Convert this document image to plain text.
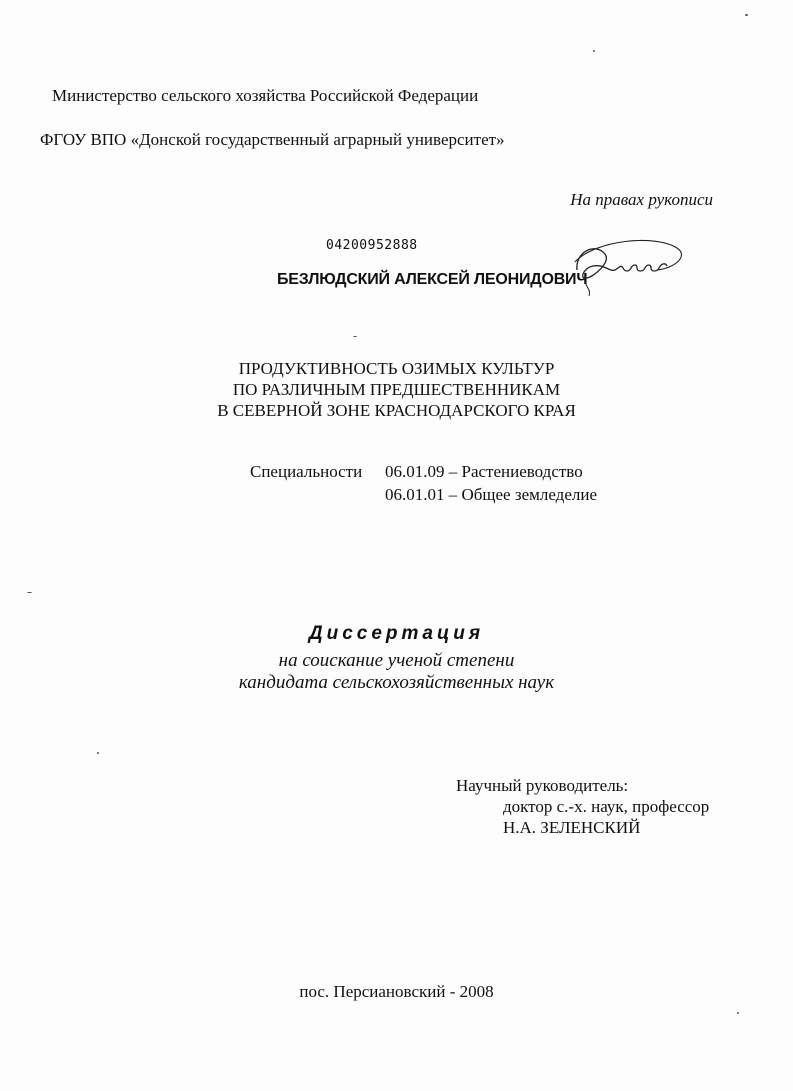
Министерство сельского хозяйства Российской Федерации
ФГОУ ВПО «Донской государственный аграрный университет»
На правах рукописи
04200952888
БЕЗЛЮДСКИЙ АЛЕКСЕЙ ЛЕОНИДОВИЧ
ПРОДУКТИВНОСТЬ ОЗИМЫХ КУЛЬТУР
ПО РАЗЛИЧНЫМ ПРЕДШЕСТВЕННИКАМ
В СЕВЕРНОЙ ЗОНЕ КРАСНОДАРСКОГО КРАЯ
Специальности 06.01.09 – Растениеводство
06.01.01 – Общее земледелие
Диссертация
на соискание ученой степени
кандидата сельскохозяйственных наук
Научный руководитель:
доктор с.-х. наук, профессор
Н.А. ЗЕЛЕНСКИЙ
пос. Персиановский - 2008
